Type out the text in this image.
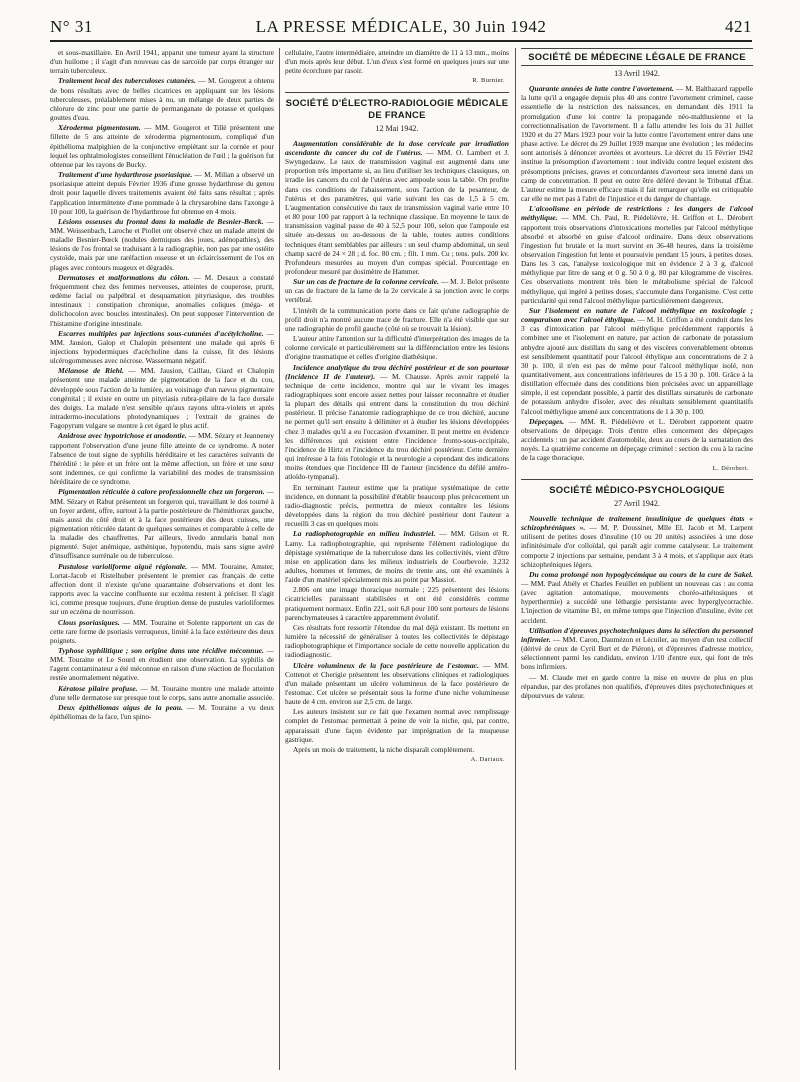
N° 31	LA PRESSE MÉDICALE, 30 Juin 1942	421

et sous-maxillaire. En Avril 1941, apparut une tumeur ayant la structure d'un huilome ; il s'agit d'un nouveau cas de sarcoïde par corps étranger sur terrain tuberculeux.

Traitement local des tuberculoses cutanées. — M. Gougerot a obtenu de bons résultats avec de belles cicatrices en appliquant sur les lésions tuberculeuses, préalablement mises à nu, un mélange de deux parties de chlorure de zinc pour une partie de permanganate de potasse et quelques gouttes d'eau.

Xéroderma pigmentosum. — MM. Gougerot et Tillé présentent une fillette de 5 ans atteinte de xéroderma pigmentosum, compliqué d'un épithélioma malpighien de la conjonctive empiétant sur la cornée et pour lequel les ophtalmologistes conseillent l'énucléation de l'œil ; la guérison fut obtenue par les rayons de Bucky.

Traitement d'une hydarthrose psoriasique. — M. Milian a observé un psoriasique atteint depuis Février 1936 d'une grosse hydarthrose du genou droit pour laquelle divers traitements avaient été faits sans résultat ; après l'application intermittente d'une pommade à la chrysarobine dans l'axonge à 10 pour 100, la guérison de l'hydarthrose fut obtenue en 4 mois.

Lésions osseuses du frontal dans la maladie de Besnier-Bœck. — MM. Weissenbach, Laroche et Piollet ont observé chez un malade atteint de maladie Besnier-Bœck (nodules dermiques des joues, adénopathies), des lésions de l'os frontal se traduisant à la radiographie, non pas par une ostéite cystoïde, mais par une raréfaction osseuse et un éclaircissement de l'os en plages avec contours nuageux et dégradés.

Dermatoses et malformations du côlon. — M. Desaux a constaté fréquemment chez des femmes nerveuses, atteintes de couperose, prurit, œdème facial ou palpébral et desquamation pityriasique, des troubles intestinaux : constipation chronique, anomalies coliques (méga- et dolichocolon avec boucles intestinales). On peut supposer l'intervention de l'histamine d'origine intestinale.

Escarres multiples par injections sous-cutanées d'acétylcholine. — MM. Jausion, Galop et Chalopin présentent une malade qui après 6 injections hypodermiques d'acécholine dans la cuisse, fit des lésions ulcérogommeuses avec nécrose. Wassermann négatif.

Mélanose de Riehl. — MM. Jausion, Caillau, Giard et Chalopin présentent une malade atteinte de pigmentation de la face et du cou, développée sous l'action de la lumière, au voisinage d'un nævus pigmentaire congénital ; il existe en outre un pityriasis rubra-pilaire de la face dorsale des doigts. La malade n'est sensible qu'aux rayons ultra-violets et après intradermo-inoculations photodynamiques ; l'extrait de graines de Fagopyrum vulgare se montre à cet égard le plus actif.

Anidrose avec hypotrichose et anodontie. — MM. Sézary et Jeanneney rapportent l'observation d'une jeune fille atteinte de ce syndrome. A noter l'absence de tout signe de syphilis héréditaire et les caractères suivants de l'hérédité : le père et un frère ont la même affection, un frère et une sœur sont indemnes, ce qui confirme la variabilité des modes de transmission héréditaire de ce syndrome.

Pigmentation réticulée à calore professionnelle chez un forgeron. — MM. Sézary et Rabut présentent un forgeron qui, travaillant le dos tourné à un foyer ardent, offre, surtout à la partie postérieure de l'hémithorax gauche, mais aussi du côté droit et à la face postérieure des deux cuisses, une pigmentation réticulée datant de quelques semaines et comparable à celle de la maladie des chauffrettes. Par ailleurs, livedo annularis banal non pigmenté. Sujet anémique, asthénique, hypotendu, mais sans signe avéré d'insuffisance surrénale ou de tuberculose.

Pustulose varioliforme aiguë régionale. — MM. Touraine, Amster, Lortat-Jacob et Ristelhuber présentent le premier cas français de cette affection dont il n'existe qu'une quarantaine d'observations et dont les rapports avec la vaccine confluente sur eczéma restent à préciser. Il s'agit ici, comme presque toujours, d'une éruption dense de pustules varioliformes sur un eczéma de nourrisson.

Clous psoriasiques. — MM. Touraine et Solente rapportent un cas de cette rare forme de psoriasis verruqueux, limité à la face extérieure des deux poignets.

Typhose syphilitique ; son origine dans une récidive méconnue. — MM. Touraine et Le Sourd en étudient une observation. La syphilis de l'agent contaminateur a été méconnue en raison d'une réaction de floculation restée anormalement négative.

Kératose pilaire profuse. — M. Touraine montre une malade atteinte d'une telle dermatose sur presque tout le corps, sans autre anomalie associée.

Deux épithéliomas aigus de la peau. — M. Touraine a vu deux épithéliomas de la face, l'un spino-

cellulaire, l'autre intermédiaire, atteindre un diamètre de 11 à 13 mm., moins d'un mois après leur début. L'un d'eux s'est formé en quelques jours sur une petite écorchure par rasoir.

R. Burnier.
SOCIÉTÉ D'ÉLECTRO-RADIOLOGIE MÉDICALE DE FRANCE
12 Mai 1942.

Augmentation considérable de la dose cervicale par irradiation ascendante du cancer du col de l'utérus. — MM. O. Lambert et J. Swyngedauw. Le taux de transmission vaginal est augmenté dans une proportion très importante si, au lieu d'utiliser les techniques classiques, on irradie les cancers du col de l'utérus avec ampoule sous la table. On profite dans ces conditions de l'abaissement, sous l'action de la pesanteur, de l'utérus et des paramètres, qui varie suivant les cas de 1,5 à 5 cm. L'augmentation consécutive du taux de transmission vaginal varie entre 10 et 80 pour 100 par rapport à la technique classique. En moyenne le taux de transmission vaginal passe de 40 à 52,5 pour 100, selon que l'ampoule est située au-dessus ou au-dessous de la table, toutes autres conditions techniques étant semblables par ailleurs : un seul champ abdominal, un seul champ sacré de 24 × 28 ; d. foc. 80 cm. ; filt. 1 mm. Cu ; tens. puls. 200 kv. Profondeurs mesurées au moyen d'un compas spécial. Pourcentage en profondeur mesuré par dosimètre de Hammer.

Sur un cas de fracture de la colonne cervicale. — M. J. Belot présente un cas de fracture de la lame de la 2e cervicale à sa jonction avec le corps vertébral.

L'intérêt de la communication porte dans ce fait qu'une radiographie de profil droit n'a montré aucune trace de fracture. Elle n'a été visible que sur une radiographie de profil gauche (côté où se trouvait la lésion).

L'auteur attire l'attention sur la difficulté d'interprétation des images de la colonne cervicale et particulièrement sur la différenciation entre les lésions d'origine traumatique et celles d'origine diathésique.

Incidence analytique du trou déchiré postérieur et de son pourtour (Incidence II de l'auteur). — M. Chausse. Après avoir rappelé la technique de cette incidence, montre qui sur le vivant les images radiographiques sont encore assez nettes pour laisser reconnaître et étudier la plupart des détails qui entrent dans la constitution du trou déchiré postérieur. Il précise l'anatomie radiographique de ce trou déchiré, aucune ne permet qu'il sert ensuite à délimiter et à étudier les lésions développées chez 3 malades qu'il a eu l'occasion d'examiner. Il peut mettre en évidence les différences qui existent entre l'incidence fronto-sous-occipitale, l'incidence de Hirtz et l'incidence du trou déchiré postérieur. Cette dernière qui intéresse à la fois l'otologie et la neurologie a cependant des indications moins étendues que l'incidence III de l'auteur (incidence du défilé antéro-atloïdo-tympanal).

En terminant l'auteur estime que la pratique systématique de cette incidence, en donnant la possibilité d'établir beaucoup plus précocement un radio-diagnostic précis, permettra de mieux connaître les lésions développées dans la région du trou déchiré postérieur dont l'auteur a recueilli 3 cas en quelques mois

La radiophotographie en milieu industriel. — MM. Gilson et R. Lamy. La radiophotographie, qui représente l'élément radiologique du dépistage systématique de la tuberculose dans les collectivités, vient d'être mise en application dans les milieux industriels de Courbevoie. 3.232 adultes, hommes et femmes, de moins de trente ans, ont été examinés à l'aide d'un matériel spécialement mis au point par Massiot.

2.806 ont une image thoracique normale ; 225 présentent des lésions cicatricielles paraissant stabilisées et ont été considérés comme pratiquement normaux. Enfin 221, soit 6,8 pour 100 sont porteurs de lésions parenchymateuses à caractère apparemment évolutif.

Ces résultats font ressortir l'étendue du mal déjà existant. Ils mettent en lumière la nécessité de généraliser à toutes les collectivités le dépistage radiophotographique et l'importance sociale de cette nouvelle application du radiodiagnostic.

Ulcère volumineux de la face postérieure de l'estomac. — MM. Cottenot et Cherigie présentent les observations cliniques et radiologiques d'un malade présentant un ulcère volumineux de la face postérieure de l'estomac. Cet ulcère se présentait sous la forme d'une niche volumineuse haute de 4 cm. environ sur 2,5 cm. de large.

Les auteurs insistent sur ce fait que l'examen normal avec remplissage complet de l'estomac permettait à peine de voir la niche, qui, par contre, apparaissait d'une façon évidente par imprégnation de la muqueuse gastrique.

Après un mois de traitement, la niche disparaît complètement.

A. Dariaux.
SOCIÉTÉ DE MÉDECINE LÉGALE DE FRANCE
13 Avril 1942.

Quarante années de lutte contre l'avortement. — M. Balthazard rappelle la lutte qu'il a engagée depuis plus 40 ans contre l'avortement criminel, cause essentielle de la restriction des naissances, en demandant dès 1911 la promulgation d'une loi contre la propagande néo-malthusienne et la correctionnalisation de l'avortement. Il a fallu attendre les lois du 31 Juillet 1920 et du 27 Mars 1923 pour voir la lutte contre l'avortement entrer dans une phase active. Le décret du 29 Juillet 1939 marque une évolution ; les médecins sont autorisés à dénoncer avortées et avorteurs. Le décret du 15 Février 1942 institue la présomption d'avortement : tout individu contre lequel existent des présomptions précises, graves et concordantes d'avorteur sera interné dans un camp de concentration. Il peut en outre être déféré devant le Tribunal d'État. L'auteur estime la mesure efficace mais il fait remarquer qu'elle est critiquable car elle ne met pas à l'abri de l'injustice et du danger de chantage.

L'alcoolisme en période de restrictions : les dangers de l'alcool méthylique. — MM. Ch. Paul, R. Piédelièvre, H. Griffon et L. Dérobert rapportent trois observations d'intoxications mortelles par l'alcool méthylique absorbé et absorbé en guise d'alcool ordinaire. Dans deux observations l'ingestion fut brutale et la mort survint en 36-48 heures, dans la troisième observation l'ingestion fut lente et poursuivie pendant 15 jours, à petites doses. Dans les 3 cas, l'analyse toxicologique mit en évidence 2 à 3 g. d'alcool méthylique par litre de sang et 0 g. 50 à 0 g. 80 par kilogramme de viscères. Ces observations montrent très bien le métabolisme spécial de l'alcool méthylique, qui ingéré à petites doses, s'accumule dans l'organisme. C'est cette particularité qui rend l'alcool méthylique particulièrement dangereux.

Sur l'isolement en nature de l'alcool méthylique en toxicologie ; comparaison avec l'alcool éthylique. — M. H. Griffon a été conduit dans les 3 cas d'intoxication par l'alcool méthylique précédemment rapportés à combiner une et l'isolement en nature, par action de carbonate de potassium anhydre ajouté aux distillats du sang et des viscères convenablement obtenus est sensiblement quantitatif pour l'alcool éthylique aux concentrations de 2 à 30 p. 100, il n'en est pas de même pour l'alcool méthylique isolé, non quantitativement, aux concentrations inférieures de 15 à 30 p. 100. Grâce à la distillation effectuée dans des conditions bien précisées avec un appareillage simple, il est cependant possible, à partir des distillats sursaturés de carbonate de potassium anhydre d'isoler, avec des résultats sensiblement quantitatifs l'alcool méthylique amené aux concentrations de 1 à 30 p. 100.

Dépeçages. — MM. R. Piédelièvre et L. Dérobert rapportent quatre observations de dépeçage. Trois d'entre elles concernent des dépeçages accidentels : un par accident d'automobile, deux au cours de la surnatation des noyés. La quatrième concerne un dépeçage criminel : section du cou à la racine de la cage thoracique.

L. Dérobert.
SOCIÉTÉ MÉDICO-PSYCHOLOGIQUE
27 Avril 1942.

Nouvelle technique de traitement insulinique de quelques états « schizophréniques ». — M. P. Doussinet, Mlle El. Jacob et M. Larpent utilisent de petites doses d'insuline (10 ou 20 unités) associées à une dose infinitésimale d'or colloïdal, qui paraît agir comme catalyseur. Le traitement comporte 2 injections par semaine, pendant 3 à 4 mois, et s'applique aux états schizophréniques légers.

Du coma prolongé non hypoglycémique au cours de la cure de Sakel. — MM. Paul Abély et Charles Feuillet en publient un nouveau cas : au coma (avec agitation automatique, mouvements choréo-athétosiques et hyperthermie) a succédé une léthargie persistante avec hyperglycorrachie. L'injection de vitamine B1, en même temps que l'injection d'insuline, évite cet accident.

Utilisation d'épreuves psychotechniques dans la sélection du personnel infirmier. — MM. Caron, Daumézon et Lécuiler, au moyen d'un test collectif (dérivé de ceux de Cyril Burt et de Piéron), et d'épreuves d'adresse motrice, sélectionnent parmi les candidats, environ 1/10 d'entre eux, qui font de très bons infirmiers.

— M. Claude met en garde contre la mise en œuvre de plus en plus répandue, par des profanes non qualifiés, d'épreuves dites psychotechniques et dépourvues de valeur.
